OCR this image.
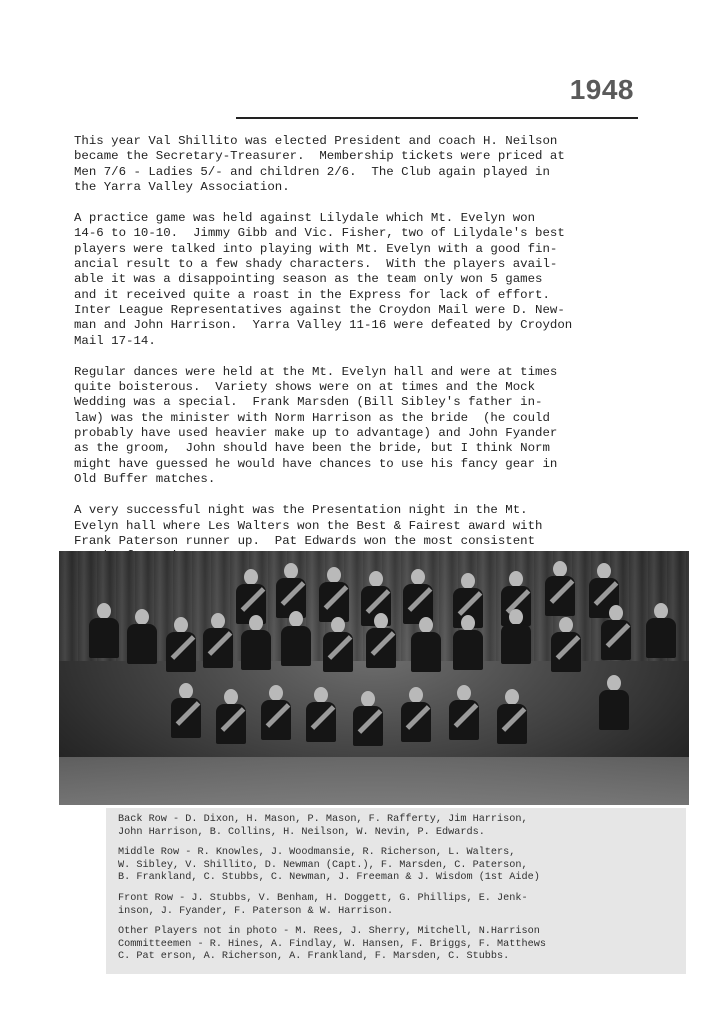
1948

This year Val Shillito was elected President and coach H. Neilson
became the Secretary-Treasurer.  Membership tickets were priced at
Men 7/6 - Ladies 5/- and children 2/6.  The Club again played in
the Yarra Valley Association.

A practice game was held against Lilydale which Mt. Evelyn won
14-6 to 10-10.  Jimmy Gibb and Vic. Fisher, two of Lilydale's best
players were talked into playing with Mt. Evelyn with a good fin-
ancial result to a few shady characters.  With the players avail-
able it was a disappointing season as the team only won 5 games
and it received quite a roast in the Express for lack of effort.
Inter League Representatives against the Croydon Mail were D. New-
man and John Harrison.  Yarra Valley 11-16 were defeated by Croydon
Mail 17-14.

Regular dances were held at the Mt. Evelyn hall and were at times
quite boisterous.  Variety shows were on at times and the Mock
Wedding was a special.  Frank Marsden (Bill Sibley's father in-
law) was the minister with Norm Harrison as the bride  (he could
probably have used heavier make up to advantage) and John Fyander
as the groom,  John should have been the bride, but I think Norm
might have guessed he would have chances to use his fancy gear in
Old Buffer matches.

A very successful night was the Presentation night in the Mt.
Evelyn hall where Les Walters won the Best & Fairest award with
Frank Paterson runner up.  Pat Edwards won the most consistent

Back Row - D. Dixon, H. Mason, P. Mason, F. Rafferty, Jim Harrison,
John Harrison, B. Collins, H. Neilson, W. Nevin, P. Edwards.

Middle Row - R. Knowles, J. Woodmansie, R. Richerson, L. Walters,
W. Sibley, V. Shillito, D. Newman (Capt.), F. Marsden, C. Paterson,
B. Frankland, C. Stubbs, C. Newman, J. Freeman & J. Wisdom (1st Aide)

Front Row - J. Stubbs, V. Benham, H. Doggett, G. Phillips, E. Jenk-
inson, J. Fyander, F. Paterson & W. Harrison.

Other Players not in photo - M. Rees, J. Sherry, Mitchell, N.Harrison
Committeemen - R. Hines, A. Findlay, W. Hansen, F. Briggs, F. Matthews
C. Pat erson, A. Richerson, A. Frankland, F. Marsden, C. Stubbs.
